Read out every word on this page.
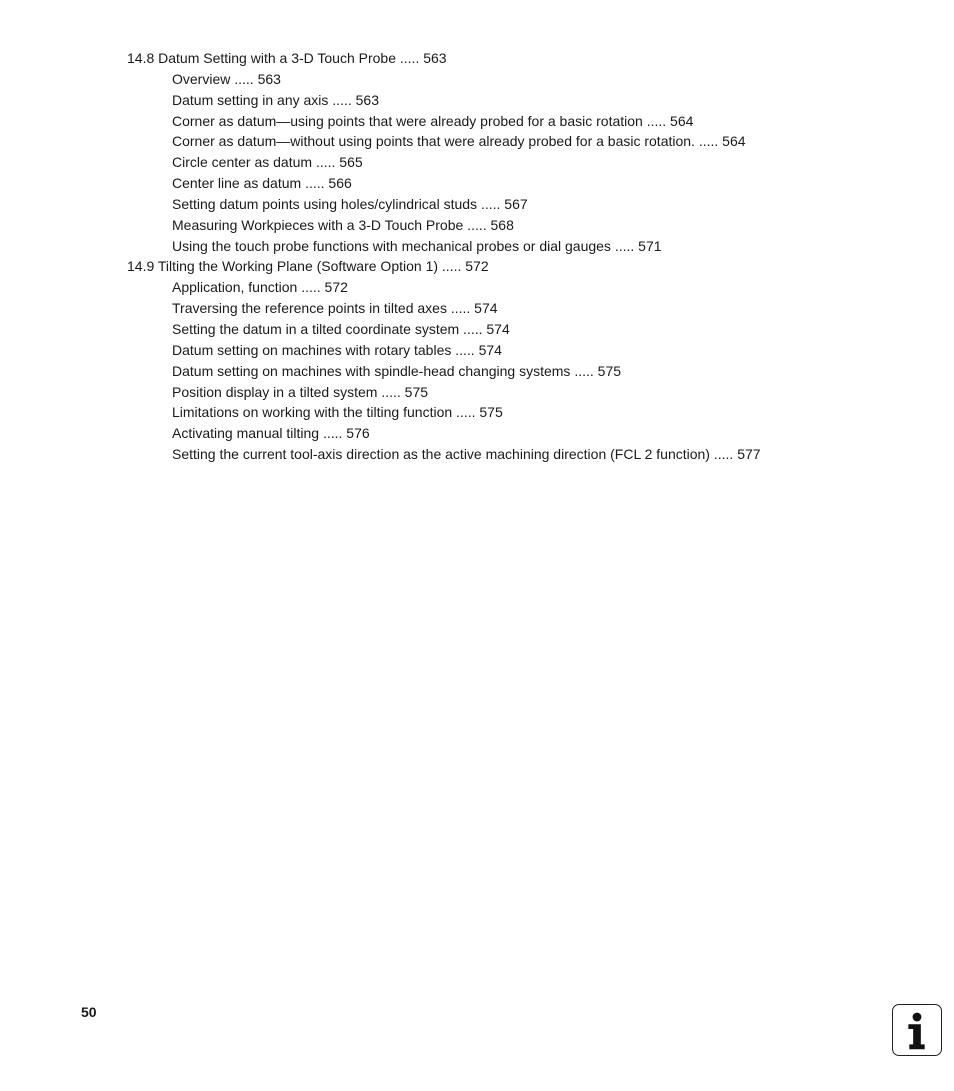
14.8 Datum Setting with a 3-D Touch Probe ..... 563
Overview ..... 563
Datum setting in any axis ..... 563
Corner as datum—using points that were already probed for a basic rotation ..... 564
Corner as datum—without using points that were already probed for a basic rotation. ..... 564
Circle center as datum ..... 565
Center line as datum ..... 566
Setting datum points using holes/cylindrical studs ..... 567
Measuring Workpieces with a 3-D Touch Probe ..... 568
Using the touch probe functions with mechanical probes or dial gauges ..... 571
14.9 Tilting the Working Plane (Software Option 1) ..... 572
Application, function ..... 572
Traversing the reference points in tilted axes ..... 574
Setting the datum in a tilted coordinate system ..... 574
Datum setting on machines with rotary tables ..... 574
Datum setting on machines with spindle-head changing systems ..... 575
Position display in a tilted system ..... 575
Limitations on working with the tilting function ..... 575
Activating manual tilting ..... 576
Setting the current tool-axis direction as the active machining direction (FCL 2 function) ..... 577
50
